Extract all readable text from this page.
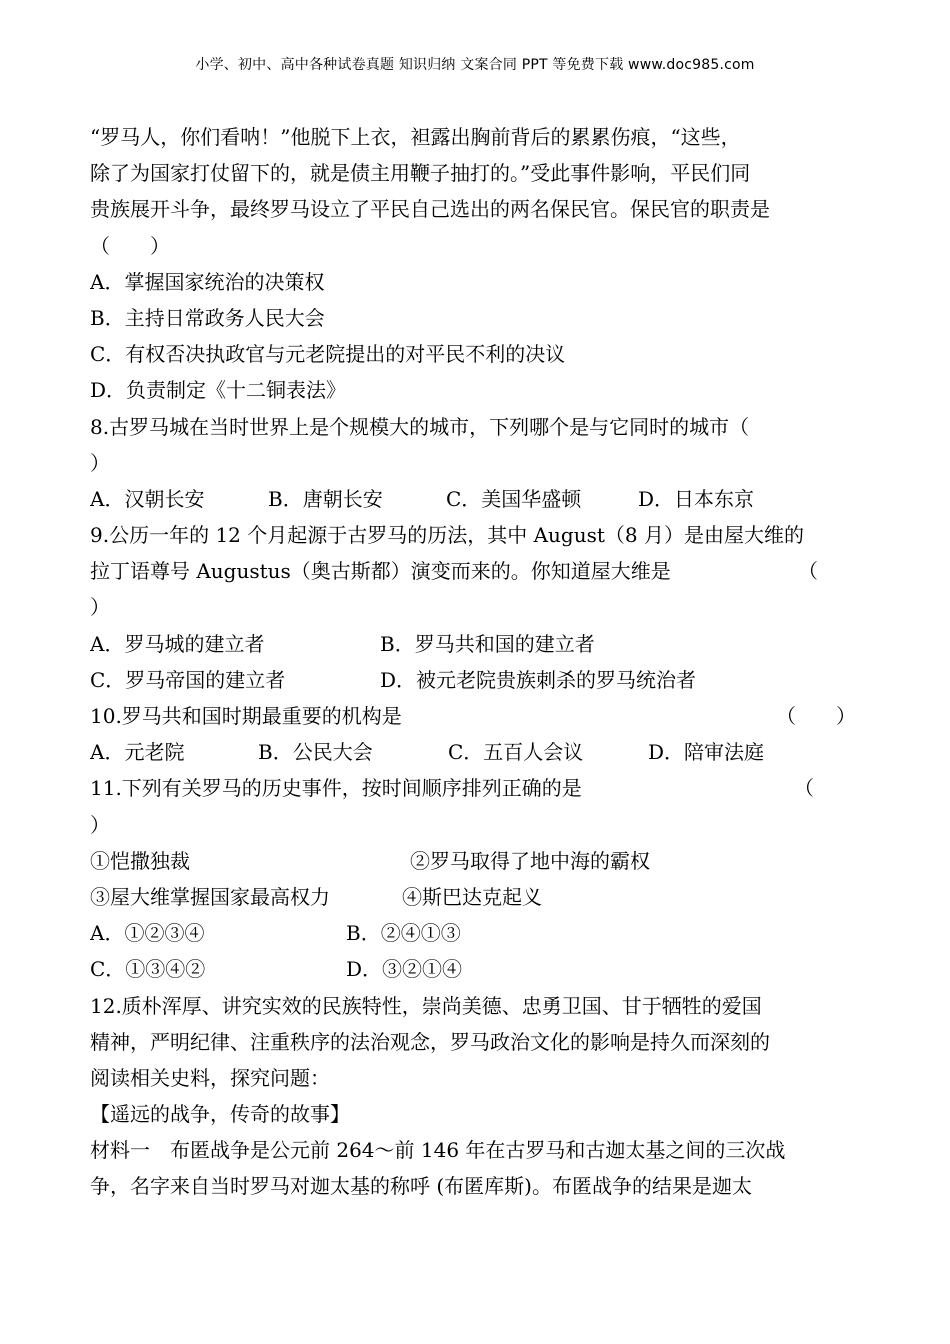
小学、初中、高中各种试卷真题 知识归纳 文案合同 PPT 等免费下载 www.doc985.com
“罗马人，你们看呐！”他脱下上衣，袒露出胸前背后的累累伤痕，“这些，
除了为国家打仗留下的，就是债主用鞭子抽打的。”受此事件影响，平民们同
贵族展开斗争，最终罗马设立了平民自己选出的两名保民官。保民官的职责是
（　　）
A．掌握国家统治的决策权
B．主持日常政务人民大会
C．有权否决执政官与元老院提出的对平民不利的决议
D．负责制定《十二铜表法》
8.古罗马城在当时世界上是个规模大的城市，下列哪个是与它同时的城市（
）
A．汉朝长安	B．唐朝长安	C．美国华盛顿	D．日本东京
9.公历一年的 12 个月起源于古罗马的历法，其中 August（8 月）是由屋大维的
拉丁语尊号 Augustus（奥古斯都）演变而来的。你知道屋大维是	（
）
A．罗马城的建立者	B．罗马共和国的建立者
C．罗马帝国的建立者	D．被元老院贵族刺杀的罗马统治者
10.罗马共和国时期最重要的机构是	（　　）
A．元老院	B．公民大会	C．五百人会议	D．陪审法庭
11.下列有关罗马的历史事件，按时间顺序排列正确的是	（
）
①恺撒独裁	②罗马取得了地中海的霸权
③屋大维掌握国家最高权力	④斯巴达克起义
A．①②③④	B．②④①③
C．①③④②	D．③②①④
12.质朴浑厚、讲究实效的民族特性，崇尚美德、忠勇卫国、甘于牺牲的爱国
精神，严明纪律、注重秩序的法治观念，罗马政治文化的影响是持久而深刻的
阅读相关史料，探究问题：
【遥远的战争，传奇的故事】
材料一　布匿战争是公元前 264～前 146 年在古罗马和古迦太基之间的三次战
争，名字来自当时罗马对迦太基的称呼 (布匿库斯)。布匿战争的结果是迦太
